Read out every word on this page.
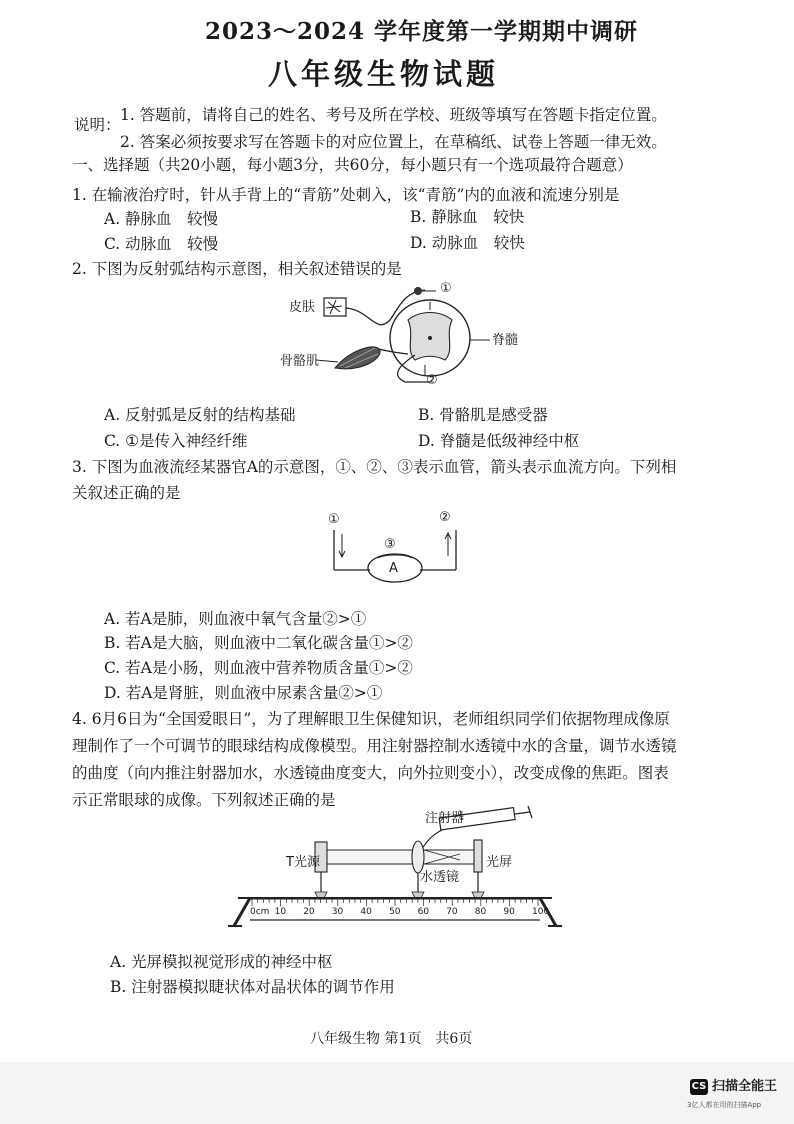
2023～2024 学年度第一学期期中调研
八年级生物试题
说明：
1. 答题前，请将自己的姓名、考号及所在学校、班级等填写在答题卡指定位置。
2. 答案必须按要求写在答题卡的对应位置上，在草稿纸、试卷上答题一律无效。
一、选择题（共20小题，每小题3分，共60分，每小题只有一个选项最符合题意）
1. 在输液治疗时，针从手背上的“青筋”处刺入，该“青筋”内的血液和流速分别是
A. 静脉血　较慢	B. 静脉血　较快
C. 动脉血　较慢	D. 动脉血　较快
2. 下图为反射弧结构示意图，相关叙述错误的是
皮肤
骨骼肌
脊髓
①
②
A. 反射弧是反射的结构基础	B. 骨骼肌是感受器
C. ①是传入神经纤维	D. 脊髓是低级神经中枢
3. 下图为血液流经某器官A的示意图，①、②、③表示血管，箭头表示血流方向。下列相
关叙述正确的是
①	②
③
A
A. 若A是肺，则血液中氧气含量②>①
B. 若A是大脑，则血液中二氧化碳含量①>②
C. 若A是小肠，则血液中营养物质含量①>②
D. 若A是肾脏，则血液中尿素含量②>①
4. 6月6日为“全国爱眼日”，为了理解眼卫生保健知识，老师组织同学们依据物理成像原
理制作了一个可调节的眼球结构成像模型。用注射器控制水透镜中水的含量，调节水透镜
的曲度（向内推注射器加水，水透镜曲度变大，向外拉则变小），改变成像的焦距。图表
示正常眼球的成像。下列叙述正确的是
注射器
T光源	光屏
水透镜
0cm 10 20 30 40 50 60 70 80 90 100
A. 光屏模拟视觉形成的神经中枢
B. 注射器模拟睫状体对晶状体的调节作用
八年级生物 第1页　共6页
CS 扫描全能王
3亿人都在用的扫描App
